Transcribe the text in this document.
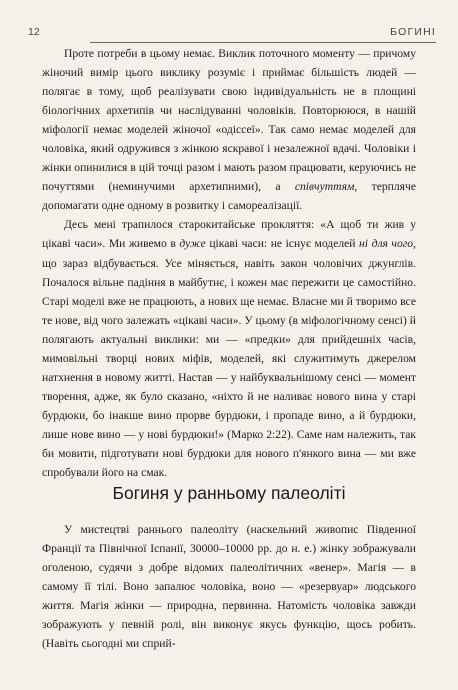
12	БОГИНІ

Проте потреби в цьому немає. Виклик поточного моменту — причому жіночий вимір цього виклику розуміє і приймає більшість людей — полягає в тому, щоб реалізувати свою індивідуальність не в площині біологічних архетипів чи наслідуванні чоловіків. Повторююся, в нашій міфології немає моделей жіночої «одіссеї». Так само немає моделей для чоловіка, який одружився з жінкою яскравої і незалежної вдачі. Чоловіки і жінки опинилися в цій точці разом і мають разом працювати, керуючись не почуттями (неминучими архетипними), а співчуттям, терпляче допомагати одне одному в розвитку і самореалізації.

Десь мені трапилося старокитайське прокляття: «А щоб ти жив у цікаві часи». Ми живемо в дуже цікаві часи: не існує моделей ні для чого, що зараз відбувається. Усе міняється, навіть закон чоловічих джунглів. Почалося вільне падіння в майбутнє, і кожен має пережити це самостійно. Старі моделі вже не працюють, а нових ще немає. Власне ми й творимо все те нове, від чого залежать «цікаві часи». У цьому (в міфологічному сенсі) й полягають актуальні виклики: ми — «предки» для прийдешніх часів, мимовільні творці нових міфів, моделей, які служитимуть джерелом натхнення в новому житті. Настав — у найбуквальнішому сенсі — момент творення, адже, як було сказано, «ніхто й не наливає нового вина у старі бурдюки, бо інакше вино прорве бурдюки, і пропаде вино, а й бурдюки, лише нове вино — у нові бурдюки!» (Марко 2:22). Саме нам належить, так би мовити, підготувати нові бурдюки для нового п'янкого вина — ми вже спробували його на смак.

Богиня у ранньому палеоліті

У мистецтві раннього палеоліту (наскельний живопис Південної Франції та Північної Іспанії, 30000–10000 рр. до н. е.) жінку зображували оголеною, судячи з добре відомих палеолітичних «венер». Магія — в самому її тілі. Воно запалює чоловіка, воно — «резервуар» людського життя. Магія жінки — природна, первинна. Натомість чоловіка завжди зображують у певній ролі, він виконує якусь функцію, щось робить. (Навіть сьогодні ми сприй-
